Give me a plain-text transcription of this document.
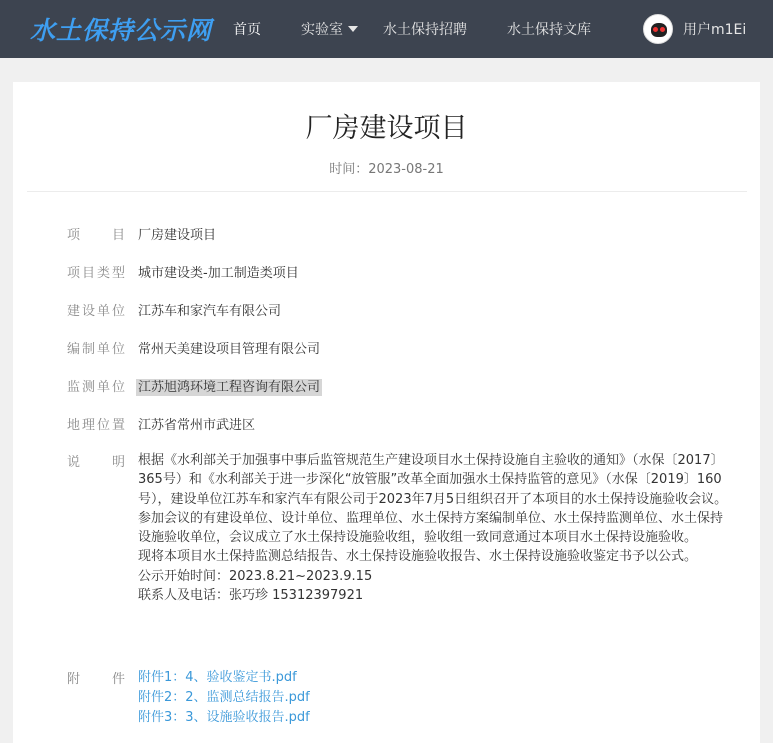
水土保持公示网 首页	实验室	水土保持招聘	水土保持文库	用户m1Ei
厂房建设项目
时间：2023-08-21
项　目 厂房建设项目
项目类型 城市建设类-加工制造类项目
建设单位 江苏车和家汽车有限公司
编制单位 常州天美建设项目管理有限公司
监测单位 江苏旭鸿环境工程咨询有限公司
地理位置 江苏省常州市武进区
说　明 根据《水利部关于加强事中事后监管规范生产建设项目水土保持设施自主验收的通知》（水保〔2017〕365号）和《水利部关于进一步深化“放管服”改革全面加强水土保持监管的意见》（水保〔2019〕160号），建设单位江苏车和家汽车有限公司于2023年7月5日组织召开了本项目的水土保持设施验收会议。参加会议的有建设单位、设计单位、监理单位、水土保持方案编制单位、水土保持监测单位、水土保持设施验收单位，会议成立了水土保持设施验收组，验收组一致同意通过本项目水土保持设施验收。

现将本项目水土保持监测总结报告、水土保持设施验收报告、水土保持设施验收鉴定书予以公式。

公示开始时间：2023.8.21~2023.9.15

联系人及电话：张巧珍 15312397921

附　件 附件1：4、验收鉴定书.pdf
附件2：2、监测总结报告.pdf
附件3：3、设施验收报告.pdf
